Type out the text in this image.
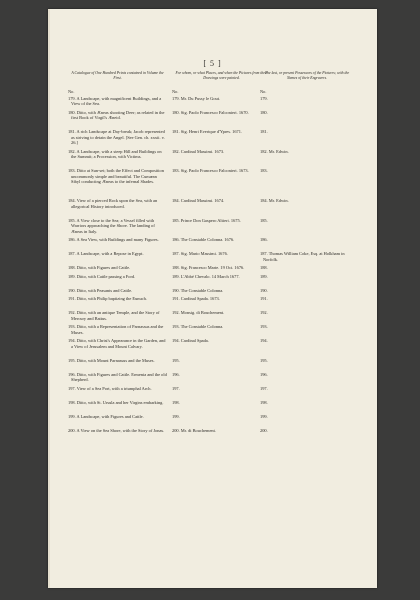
[ 5 ]
A Catalogue of One Hundred Prints contained in Volume the First.
No.
179. A Landscape, with magnificent Buildings, and a View of the Sea.
180. Ditto, with Æneas shooting Deer; as related in the first Book of Virgil's Æneid.
181. A rich Landscape at Day-break; Jacob represented as striving to detain the Angel. [See Gen. ch. xxxii. v. 26.]
182. A Landscape, with a steep Hill and Buildings on the Summit; a Procession, with Victims.
183. Ditto at Sun-set; both the Effect and Composition uncommonly simple and beautiful. The Cumæan Sibyl conducting Æneas to the infernal Shades.
184. View of a pierced Rock upon the Sea, with an allegorical History introduced.
185. A View close to the Sea; a Vessel filled with Warriors approaching the Shore. The landing of Æneas in Italy.
186. A Sea View, with Buildings and many Figures.
187. A Landscape, with a Repose in Egypt.
188. Ditto, with Figures and Cattle.
189. Ditto, with Cattle passing a Ford.
190. Ditto, with Peasants and Cattle.
191. Ditto, with Philip baptizing the Eunuch.
192. Ditto, with an antique Temple, and the Story of Mercury and Battus.
193. Ditto, with a Representation of Parnassus and the Muses.
194. Ditto, with Christ's Appearance in the Garden, and a View of Jerusalem and Mount Calvary.
195. Ditto, with Mount Parnassus and the Muses.
196. Ditto, with Figures and Cattle. Ermenia and the old Shepherd.
197. View of a Sea Port, with a triumphal Arch.
198. Ditto, with St. Ursula and her Virgins embarking.
199. A Landscape, with Figures and Cattle.
200. A View on the Sea Shore, with the Story of Jonas.
For whom, or what Places, and when the Pictures from their Drawings were painted.
No.
179. Mr. Du Pussy le Gout.
180. Sig. Paolo Francesco Falconieri. 1670.
181. Sig. Henri Everique d'Ypres. 1671.
182. Cardinal Massimi. 1673.
183. Sig. Paolo Francesco Falconieri. 1673.
184. Cardinal Massimi. 1674.
185. Prince Don Gaspero Altieri. 1675.
186. The Constable Colonna. 1676.
187. Sig. Mario Massimi. 1676.
188. Sig. Francesco Marte. 19 Oct. 1676.
189. L'Abbé Chevalo. 14 March 1677.
190. The Constable Colonna.
191. Cardinal Spada. 1673.
192. Monsig. di Bouchement.
193. The Constable Colonna.
194. Cardinal Spada.
195.
196.
197.
198.
199.
200. Mr. di Bouchement.
The last, or present Possessors of the Pictures; with the Names of their Engravers.
No.
179.
180.
181.
182. Mr. Edwin.
183.
184. Mr. Edwin.
185.
186.
187. Thomas William Coke, Esq. at Holkham in Norfolk.
188.
189.
190.
191.
192.
193.
194.
195.
196.
197.
198.
199.
200.
